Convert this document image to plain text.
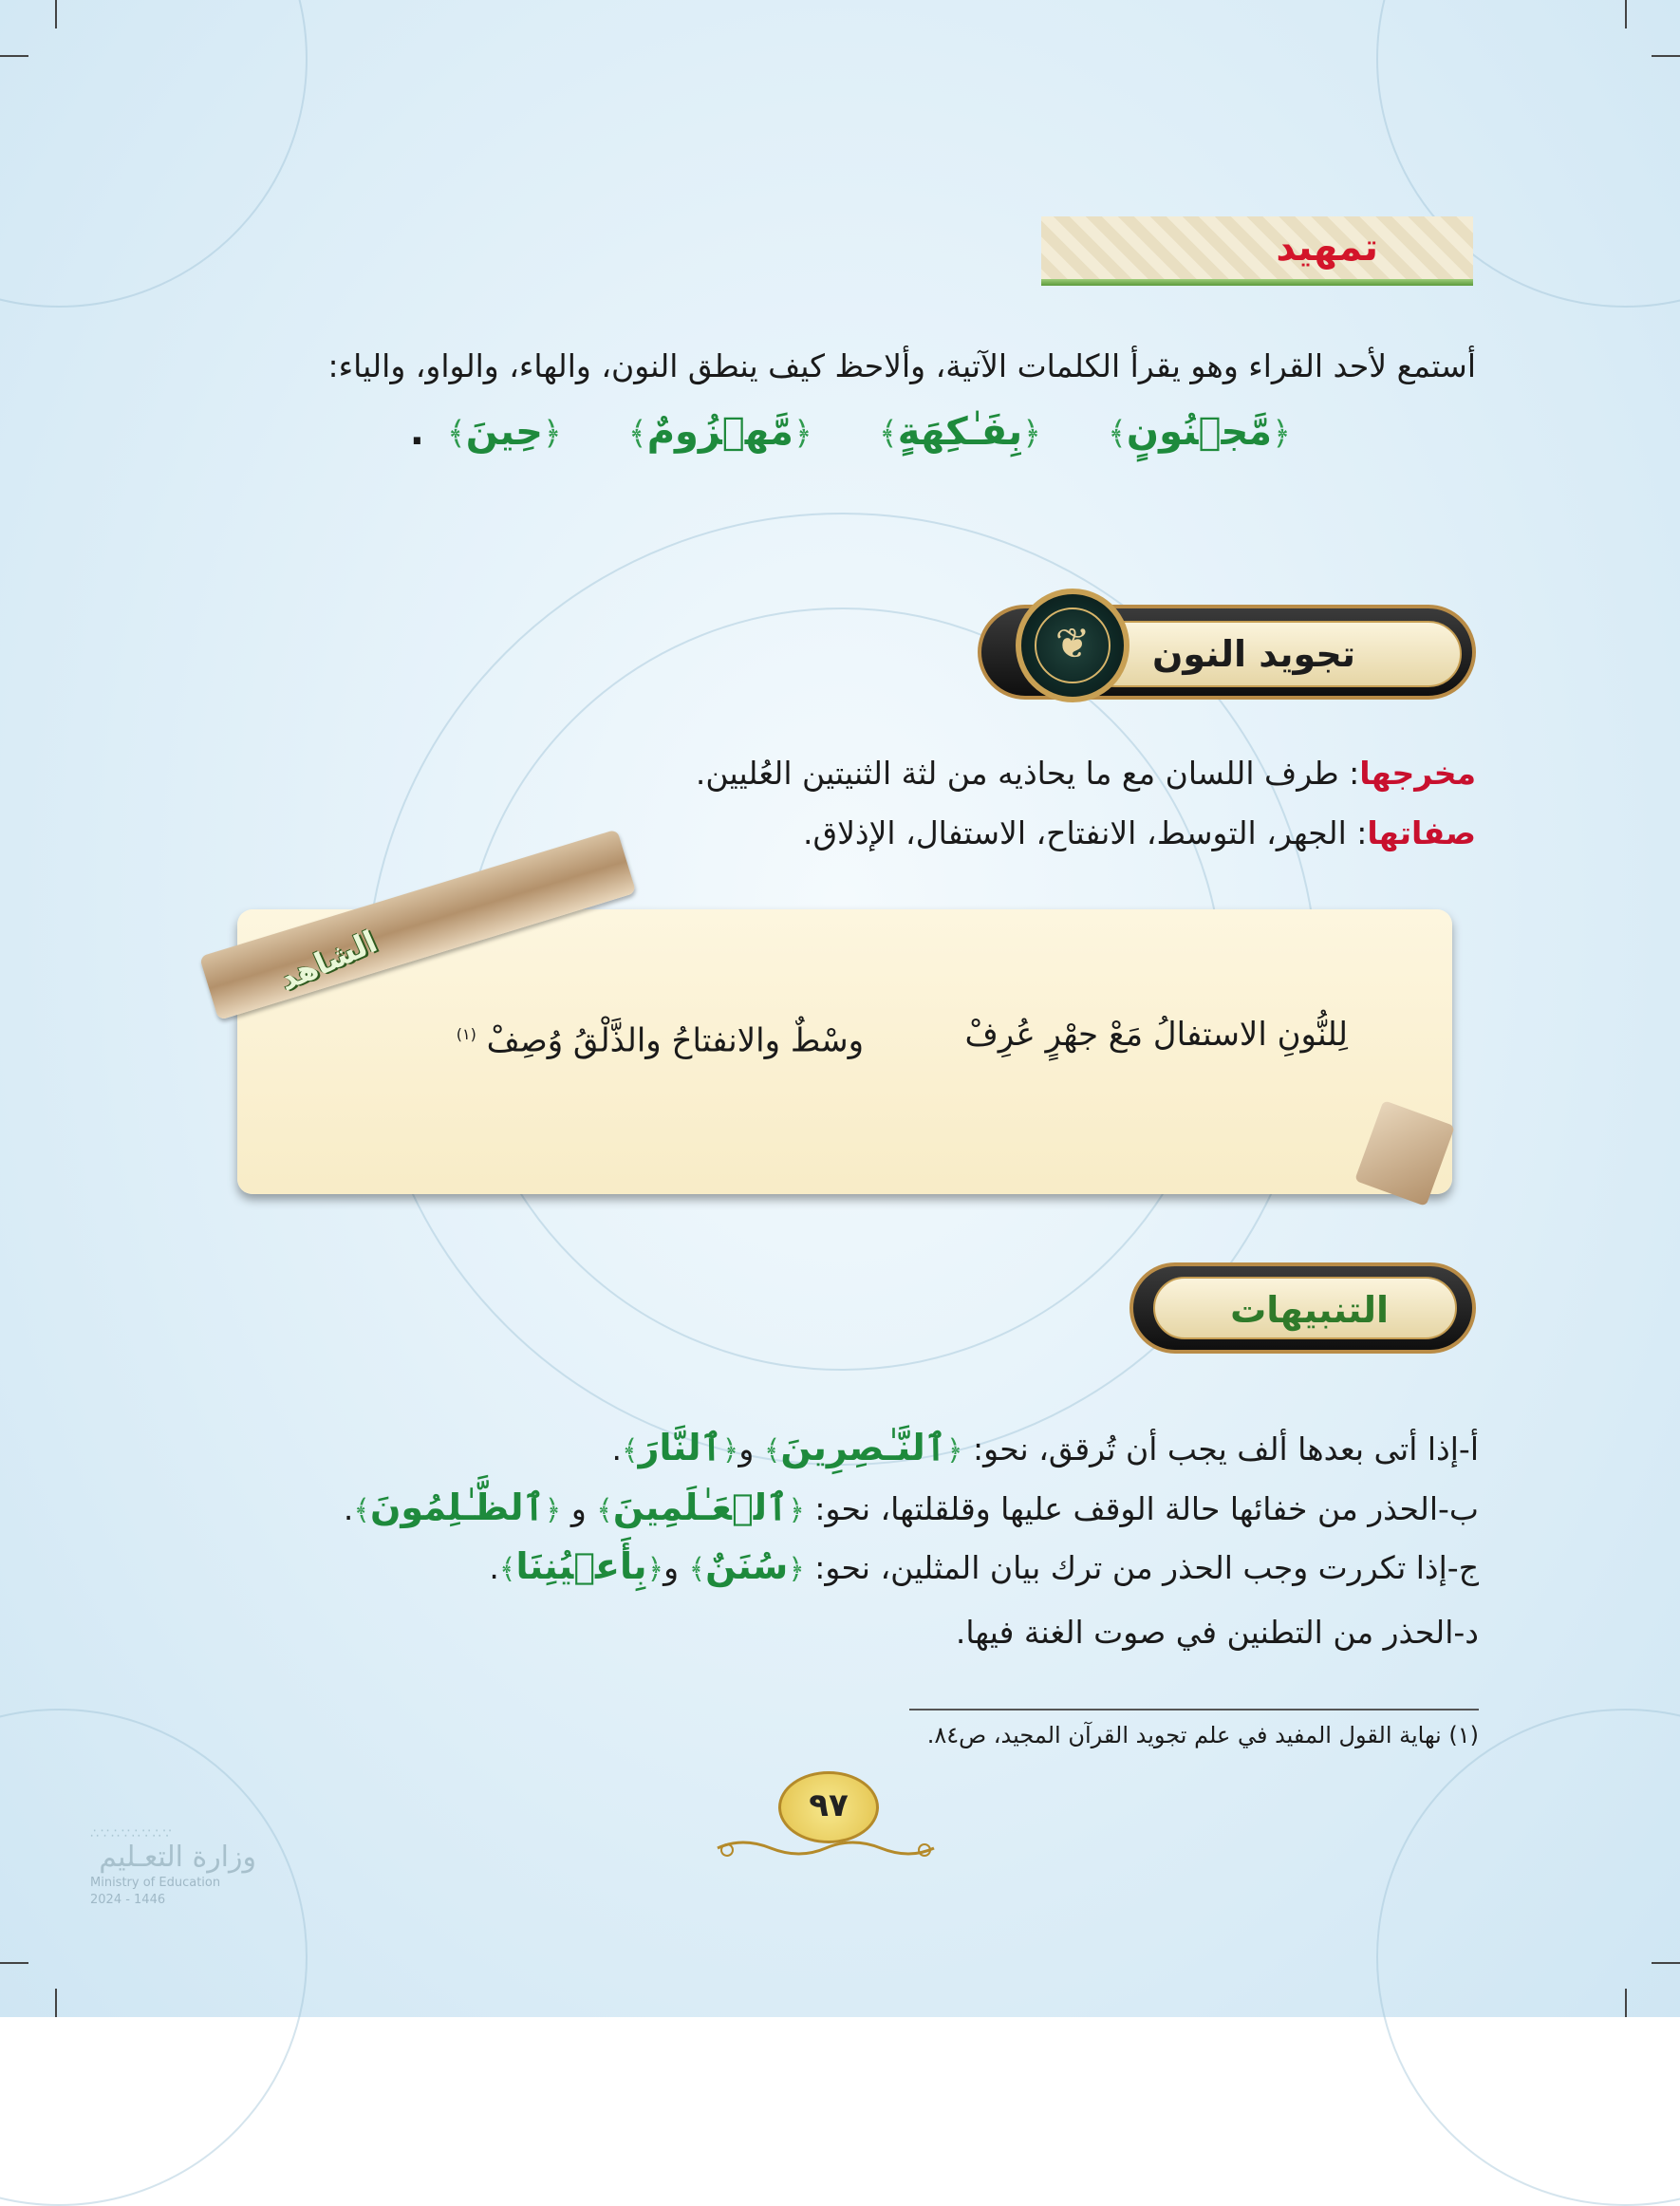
تمهيد
أستمع لأحد القراء وهو يقرأ الكلمات الآتية، وألاحظ كيف ينطق النون، والهاء، والواو، والياء:
﴿مَّجۡنُونٍ﴾ ﴿بِفَـٰكِهَةٍ﴾ ﴿مَّهۡزُومٌ﴾ ﴿حِينَ﴾ .
تجويد النون
❦
مخرجها: طرف اللسان مع ما يحاذيه من لثة الثنيتين العُليين.
صفاتها: الجهر، التوسط، الانفتاح، الاستفال، الإذلاق.
الشاهد
لِلنُّونِ الاستفالُ مَعْ جهْرٍ عُرِفْ
وسْطٌ والانفتاحُ والذَّلْقُ وُصِفْ $^{(١)}$
التنبيهات
أ-إذا أتى بعدها ألف يجب أن تُرقق، نحو: ﴿ٱلنَّـٰصِرِينَ﴾ و﴿ٱلنَّارَ﴾.
ب-الحذر من خفائها حالة الوقف عليها وقلقلتها، نحو: ﴿ٱلۡعَـٰلَمِينَ﴾ و ﴿ٱلظَّـٰلِمُونَ﴾.
ج-إذا تكررت وجب الحذر من ترك بيان المثلين، نحو: ﴿سُنَنٌ﴾ و﴿بِأَعۡيُنِنَا﴾.
د-الحذر من التطنين في صوت الغنة فيها.
(١) نهاية القول المفيد في علم تجويد القرآن المجيد، ص٨٤.
٩٧
∴∵∴∵∴∵∴∵
وزارة التعـليم
Ministry of Education
2024 - 1446
